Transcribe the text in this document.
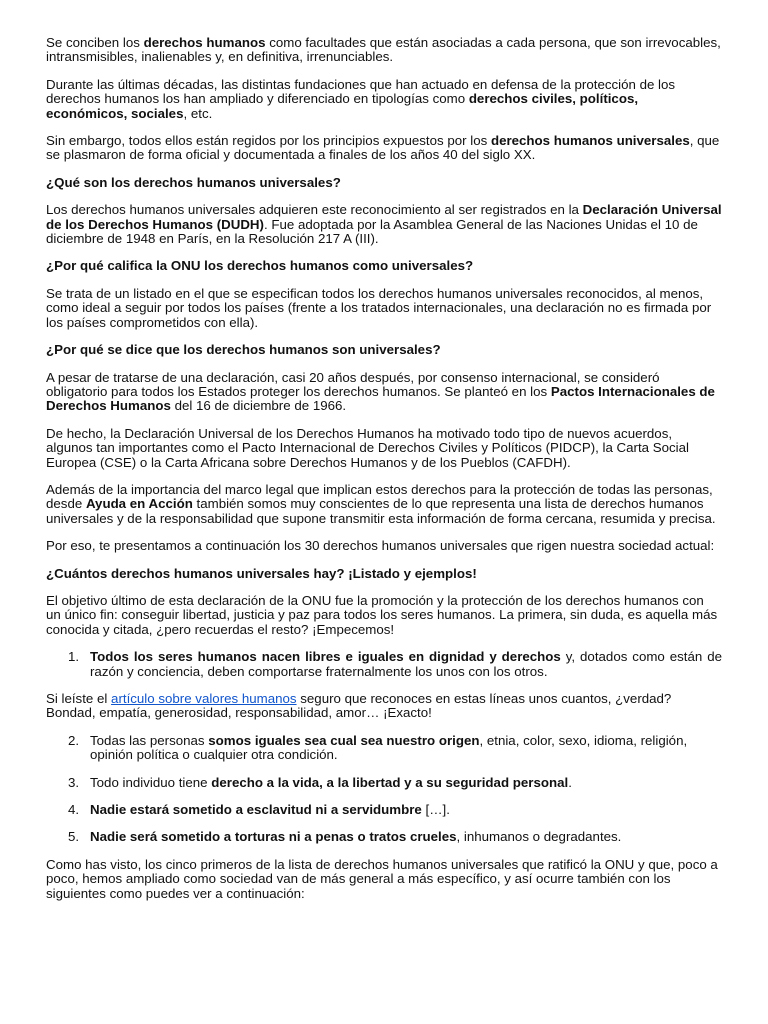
Se conciben los derechos humanos como facultades que están asociadas a cada persona, que son irrevocables, intransmisibles, inalienables y, en definitiva, irrenunciables.

Durante las últimas décadas, las distintas fundaciones que han actuado en defensa de la protección de los derechos humanos los han ampliado y diferenciado en tipologías como derechos civiles, políticos, económicos, sociales, etc.

Sin embargo, todos ellos están regidos por los principios expuestos por los derechos humanos universales, que se plasmaron de forma oficial y documentada a finales de los años 40 del siglo XX.

¿Qué son los derechos humanos universales?

Los derechos humanos universales adquieren este reconocimiento al ser registrados en la Declaración Universal de los Derechos Humanos (DUDH). Fue adoptada por la Asamblea General de las Naciones Unidas el 10 de diciembre de 1948 en París, en la Resolución 217 A (III).

¿Por qué califica la ONU los derechos humanos como universales?

Se trata de un listado en el que se especifican todos los derechos humanos universales reconocidos, al menos, como ideal a seguir por todos los países (frente a los tratados internacionales, una declaración no es firmada por los países comprometidos con ella).

¿Por qué se dice que los derechos humanos son universales?

A pesar de tratarse de una declaración, casi 20 años después, por consenso internacional, se consideró obligatorio para todos los Estados proteger los derechos humanos. Se planteó en los Pactos Internacionales de Derechos Humanos del 16 de diciembre de 1966.

De hecho, la Declaración Universal de los Derechos Humanos ha motivado todo tipo de nuevos acuerdos, algunos tan importantes como el Pacto Internacional de Derechos Civiles y Políticos (PIDCP), la Carta Social Europea (CSE) o la Carta Africana sobre Derechos Humanos y de los Pueblos (CAFDH).

Además de la importancia del marco legal que implican estos derechos para la protección de todas las personas, desde Ayuda en Acción también somos muy conscientes de lo que representa una lista de derechos humanos universales y de la responsabilidad que supone transmitir esta información de forma cercana, resumida y precisa.

Por eso, te presentamos a continuación los 30 derechos humanos universales que rigen nuestra sociedad actual:

¿Cuántos derechos humanos universales hay? ¡Listado y ejemplos!

El objetivo último de esta declaración de la ONU fue la promoción y la protección de los derechos humanos con un único fin: conseguir libertad, justicia y paz para todos los seres humanos. La primera, sin duda, es aquella más conocida y citada, ¿pero recuerdas el resto? ¡Empecemos!

1. Todos los seres humanos nacen libres e iguales en dignidad y derechos y, dotados como están de razón y conciencia, deben comportarse fraternalmente los unos con los otros.

Si leíste el artículo sobre valores humanos seguro que reconoces en estas líneas unos cuantos, ¿verdad? Bondad, empatía, generosidad, responsabilidad, amor… ¡Exacto!

2. Todas las personas somos iguales sea cual sea nuestro origen, etnia, color, sexo, idioma, religión, opinión política o cualquier otra condición.
3. Todo individuo tiene derecho a la vida, a la libertad y a su seguridad personal.
4. Nadie estará sometido a esclavitud ni a servidumbre […].
5. Nadie será sometido a torturas ni a penas o tratos crueles, inhumanos o degradantes.

Como has visto, los cinco primeros de la lista de derechos humanos universales que ratificó la ONU y que, poco a poco, hemos ampliado como sociedad van de más general a más específico, y así ocurre también con los siguientes como puedes ver a continuación:
